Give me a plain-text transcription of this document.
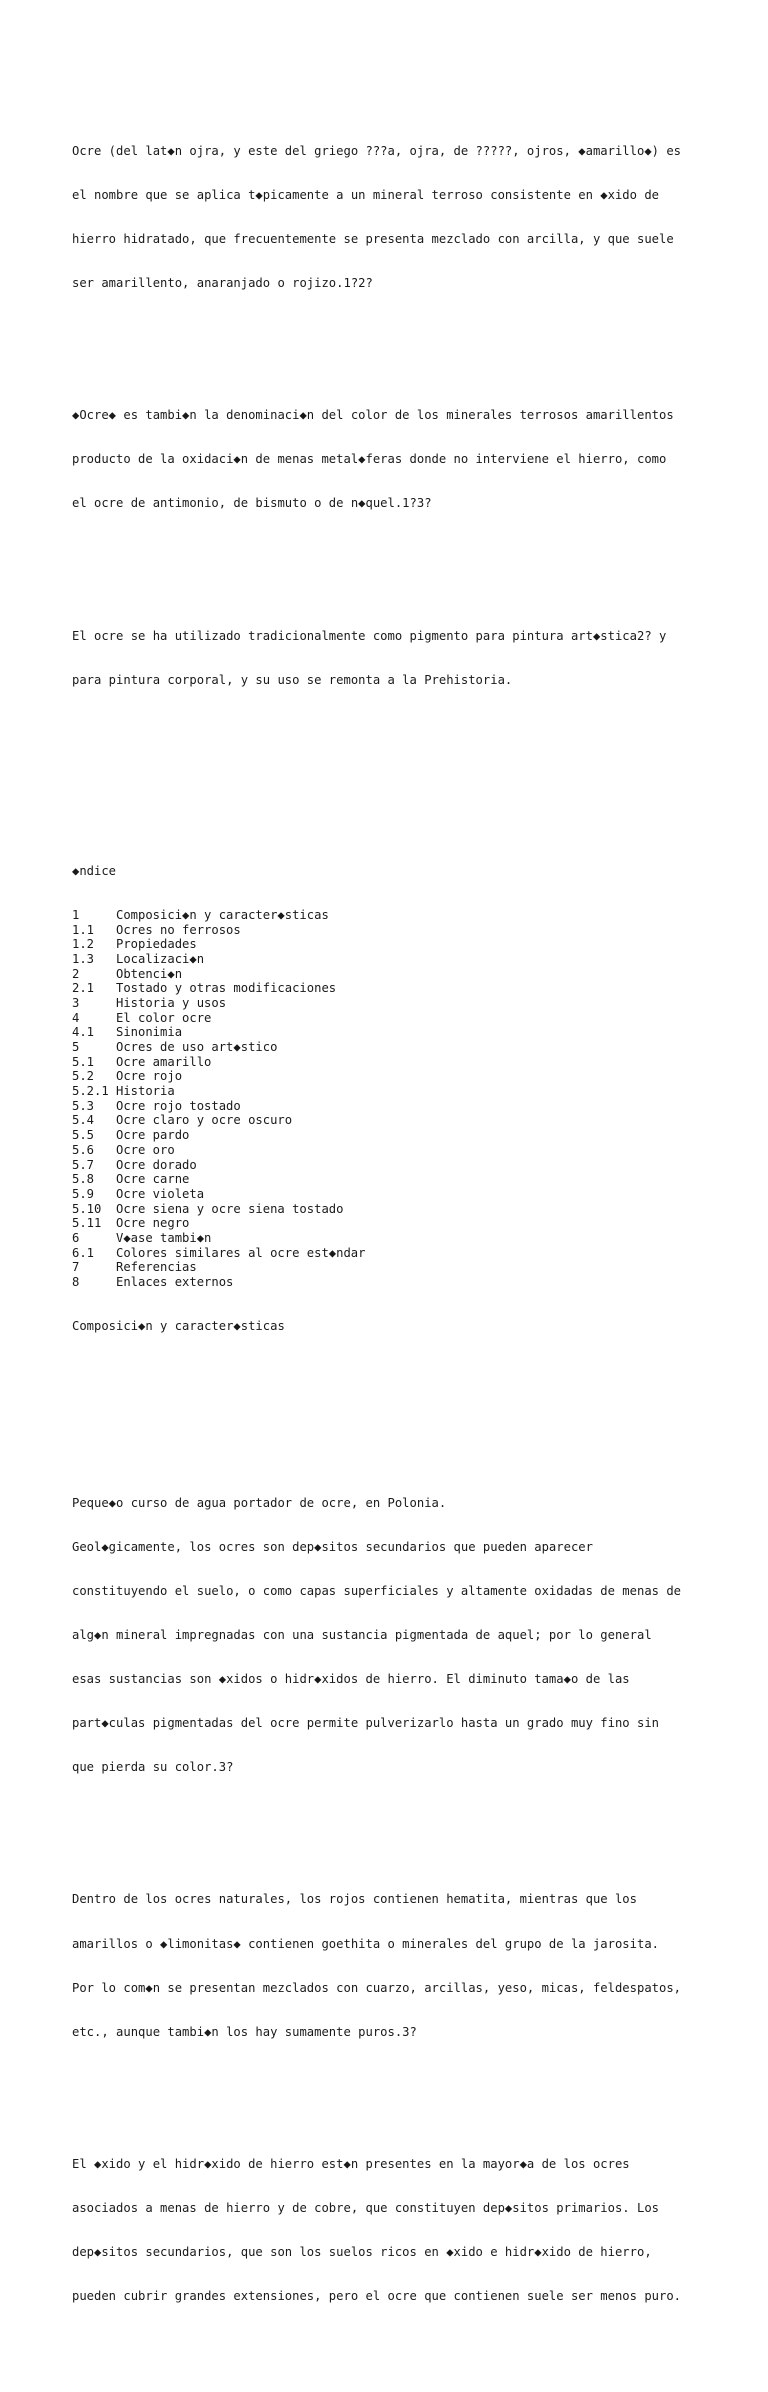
Ocre (del lat◆n ojra, y este del griego ???a, ojra, de ?????, ojros, ◆amarillo◆) es

el nombre que se aplica t◆picamente a un mineral terroso consistente en ◆xido de

hierro hidratado, que frecuentemente se presenta mezclado con arcilla, y que suele

ser amarillento, anaranjado o rojizo.1?2?

◆Ocre◆ es tambi◆n la denominaci◆n del color de los minerales terrosos amarillentos

producto de la oxidaci◆n de menas metal◆feras donde no interviene el hierro, como

el ocre de antimonio, de bismuto o de n◆quel.1?3?

El ocre se ha utilizado tradicionalmente como pigmento para pintura art◆stica2? y

para pintura corporal, y su uso se remonta a la Prehistoria.

◆ndice

1	Composici◆n y caracter◆sticas
1.1 Ocres no ferrosos
1.2 Propiedades
1.3 Localizaci◆n
2	Obtenci◆n
2.1 Tostado y otras modificaciones
3	Historia y usos
4	El color ocre
4.1 Sinonimia
5	Ocres de uso art◆stico
5.1 Ocre amarillo
5.2 Ocre rojo
5.2.1 Historia
5.3 Ocre rojo tostado
5.4 Ocre claro y ocre oscuro
5.5 Ocre pardo
5.6 Ocre oro
5.7 Ocre dorado
5.8 Ocre carne
5.9 Ocre violeta
5.10 Ocre siena y ocre siena tostado
5.11 Ocre negro
6	V◆ase tambi◆n
6.1 Colores similares al ocre est◆ndar
7	Referencias
8	Enlaces externos

Composici◆n y caracter◆sticas

Peque◆o curso de agua portador de ocre, en Polonia.

Geol◆gicamente, los ocres son dep◆sitos secundarios que pueden aparecer

constituyendo el suelo, o como capas superficiales y altamente oxidadas de menas de

alg◆n mineral impregnadas con una sustancia pigmentada de aquel; por lo general

esas sustancias son ◆xidos o hidr◆xidos de hierro. El diminuto tama◆o de las

part◆culas pigmentadas del ocre permite pulverizarlo hasta un grado muy fino sin

que pierda su color.3?

Dentro de los ocres naturales, los rojos contienen hematita, mientras que los

amarillos o ◆limonitas◆ contienen goethita o minerales del grupo de la jarosita.

Por lo com◆n se presentan mezclados con cuarzo, arcillas, yeso, micas, feldespatos,

etc., aunque tambi◆n los hay sumamente puros.3?

El ◆xido y el hidr◆xido de hierro est◆n presentes en la mayor◆a de los ocres

asociados a menas de hierro y de cobre, que constituyen dep◆sitos primarios. Los

dep◆sitos secundarios, que son los suelos ricos en ◆xido e hidr◆xido de hierro,

pueden cubrir grandes extensiones, pero el ocre que contienen suele ser menos puro.
